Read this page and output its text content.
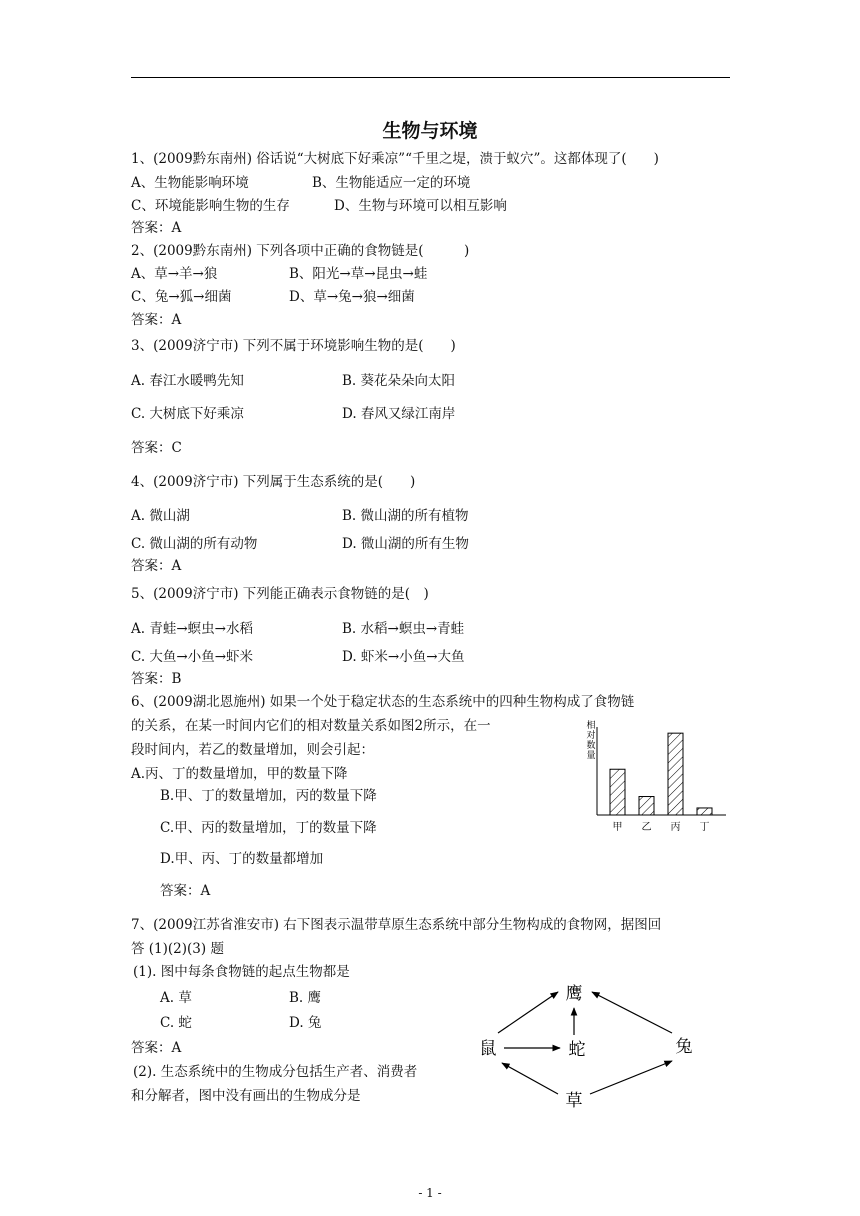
生物与环境
1、(2009黔东南州) 俗话说“大树底下好乘凉”“千里之堤，溃于蚁穴”。这都体现了(　　)
A、生物能影响环境	B、生物能适应一定的环境
C、环境能影响生物的生存	D、生物与环境可以相互影响
答案：A
2、(2009黔东南州) 下列各项中正确的食物链是(　　　)
A、草→羊→狼	B、阳光→草→昆虫→蛙
C、兔→狐→细菌	D、草→兔→狼→细菌
答案：A
3、(2009济宁市) 下列不属于环境影响生物的是(　　)
A. 春江水暖鸭先知	B. 葵花朵朵向太阳
C. 大树底下好乘凉	D. 春风又绿江南岸
答案：C
4、(2009济宁市) 下列属于生态系统的是(　　)
A. 微山湖	B. 微山湖的所有植物
C. 微山湖的所有动物	D. 微山湖的所有生物
答案：A
5、(2009济宁市) 下列能正确表示食物链的是(　)
A. 青蛙→螟虫→水稻	B. 水稻→螟虫→青蛙
C. 大鱼→小鱼→虾米	D. 虾米→小鱼→大鱼
答案：B
6、(2009湖北恩施州) 如果一个处于稳定状态的生态系统中的四种生物构成了食物链
的关系，在某一时间内它们的相对数量关系如图2所示，在一
段时间内，若乙的数量增加，则会引起：
A.丙、丁的数量增加，甲的数量下降
B.甲、丁的数量增加，丙的数量下降
C.甲、丙的数量增加，丁的数量下降
D.甲、丙、丁的数量都增加
答案：A
相
对
数
量
甲 乙 丙 丁
7、(2009江苏省淮安市) 右下图表示温带草原生态系统中部分生物构成的食物网，据图回
答 (1)(2)(3) 题
(1). 图中每条食物链的起点生物都是
A. 草	B. 鹰
C. 蛇	D. 兔
答案：A
(2). 生态系统中的生物成分包括生产者、消费者
和分解者，图中没有画出的生物成分是
鹰
鼠	蛇	兔
草
- 1 -
